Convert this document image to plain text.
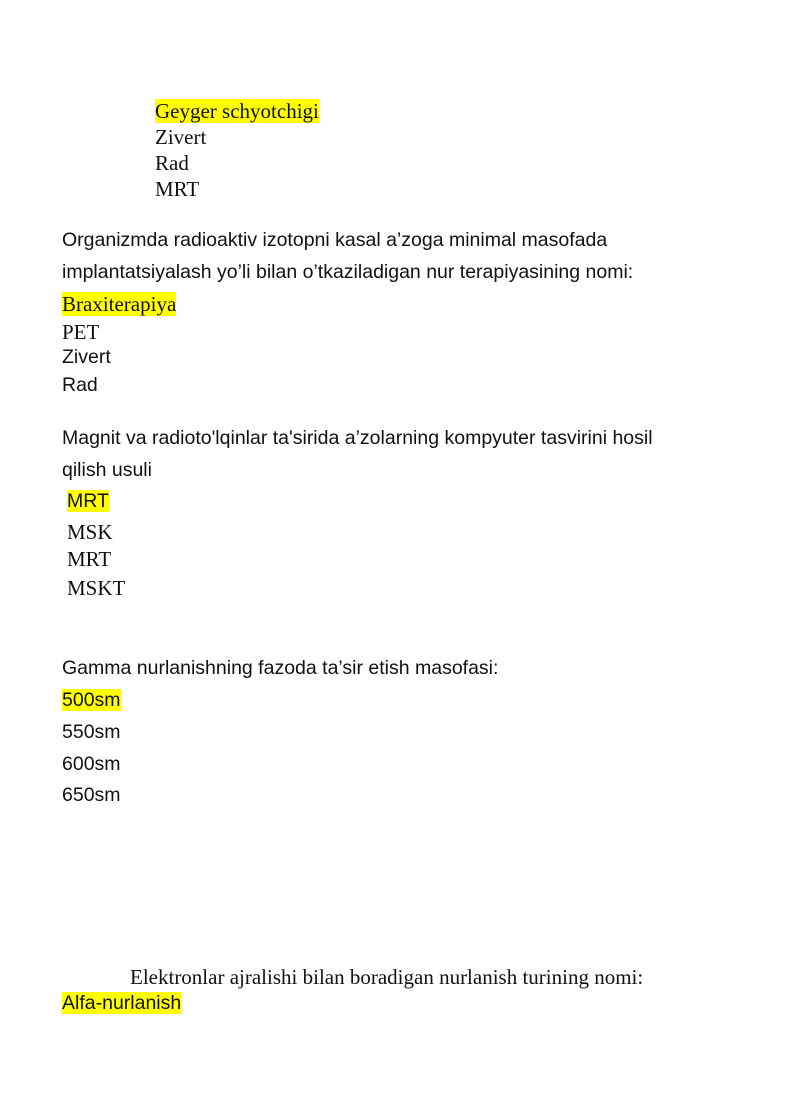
Geyger schyotchigi
Zivert
Rad
MRT
Organizmda radioaktiv izotopni kasal a’zoga minimal masofada
implantatsiyalash yo’li bilan o’tkaziladigan nur terapiyasining nomi:
Braxiterapiya
PET
Zivert
Rad
Magnit va radioto'lqinlar ta'sirida a’zolarning kompyuter tasvirini hosil
qilish usuli
MRT
MSK
MRT
MSKT
Gamma nurlanishning fazoda ta’sir etish masofasi:
500sm
550sm
600sm
650sm
Elektronlar ajralishi bilan boradigan nurlanish turining nomi:
Alfa-nurlanish
